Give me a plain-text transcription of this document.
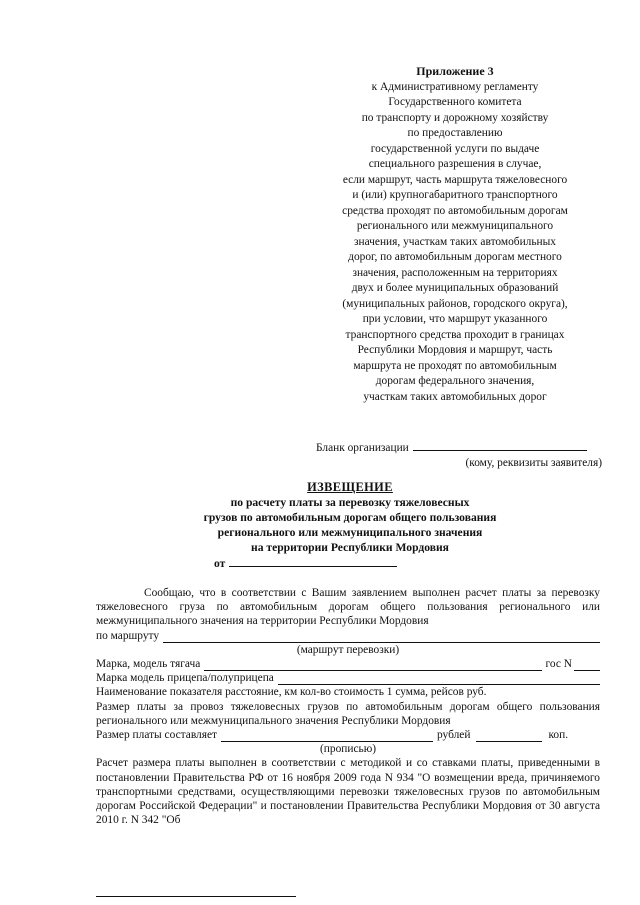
Приложение 3
к Административному регламенту
Государственного комитета
по транспорту и дорожному хозяйству
по предоставлению
государственной услуги по выдаче
специального разрешения в случае,
если маршрут, часть маршрута тяжеловесного
и (или) крупногабаритного транспортного
средства проходят по автомобильным дорогам
регионального или межмуниципального
значения, участкам таких автомобильных
дорог, по автомобильным дорогам местного
значения, расположенным на территориях
двух и более муниципальных образований
(муниципальных районов, городского округа),
при условии, что маршрут указанного
транспортного средства проходит в границах
Республики Мордовия и маршрут, часть
маршрута не проходят по автомобильным
дорогам федерального значения,
участкам таких автомобильных дорог
Бланк организации
(кому, реквизиты заявителя)
ИЗВЕЩЕНИЕ
по расчету платы за перевозку тяжеловесных
грузов по автомобильным дорогам общего пользования
регионального или межмуниципального значения
на территории Республики Мордовия
от

Сообщаю, что в соответствии с Вашим заявлением выполнен расчет платы за перевозку тяжеловесного груза по автомобильным дорогам общего пользования регионального или межмуниципального значения на территории Республики Мордовия

по маршруту
(маршрут перевозки)
Марка, модель тягача	гос N
Марка модель прицепа/полуприцепа

Наименование показателя расстояние, км кол-во стоимость 1 сумма, рейсов руб.

Размер платы за провоз тяжеловесных грузов по автомобильным дорогам общего пользования регионального или межмуниципального значения Республики Мордовия

Размер платы составляет	рублей	коп.
(прописью)

Расчет размера платы выполнен в соответствии с методикой и со ставками платы, приведенными в постановлении Правительства РФ от 16 ноября 2009 года N 934 "О возмещении вреда, причиняемого транспортными средствами, осуществляющими перевозки тяжеловесных грузов по автомобильным дорогам Российской Федерации" и постановлении Правительства Республики Мордовия от 30 августа 2010 г. N 342 "Об
